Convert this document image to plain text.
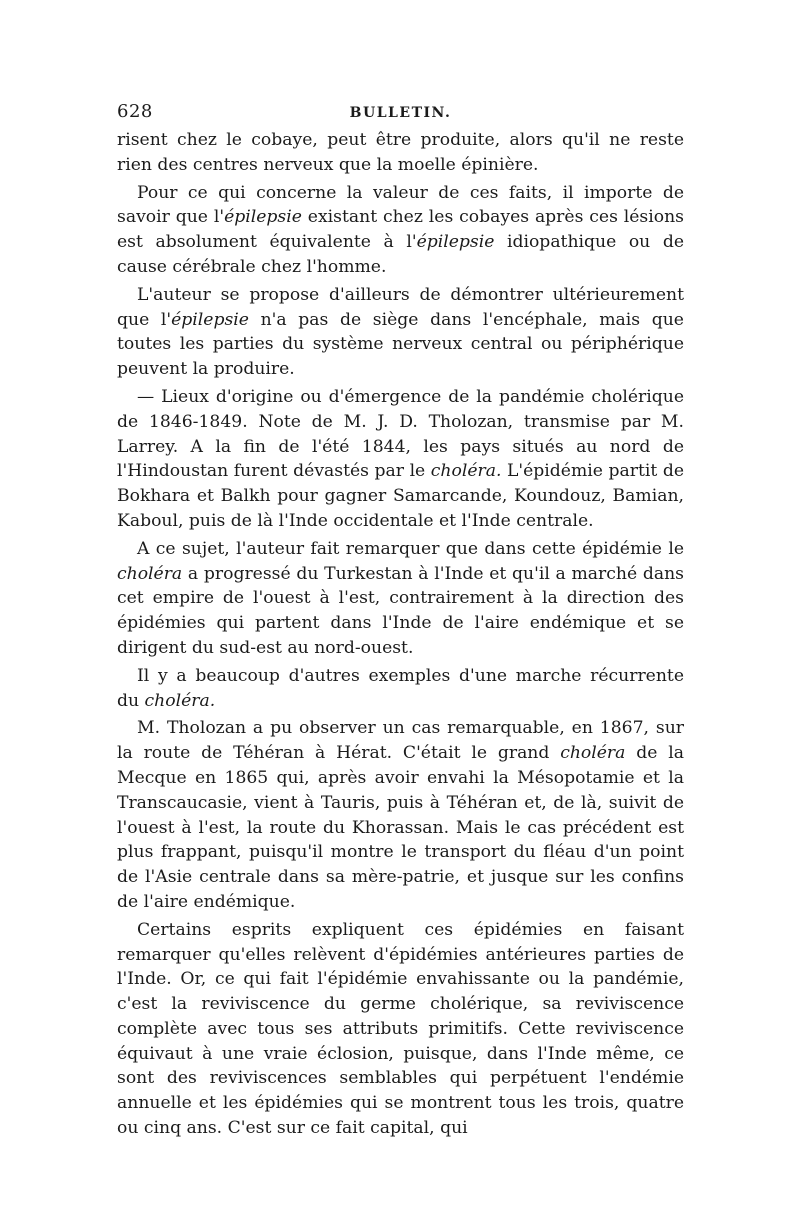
628	BULLETIN.

risent chez le cobaye, peut être produite, alors qu'il ne reste rien des centres nerveux que la moelle épinière.

Pour ce qui concerne la valeur de ces faits, il importe de savoir que l'épilepsie existant chez les cobayes après ces lésions est absolument équivalente à l'épilepsie idiopathique ou de cause cérébrale chez l'homme.

L'auteur se propose d'ailleurs de démontrer ultérieurement que l'épilepsie n'a pas de siège dans l'encéphale, mais que toutes les parties du système nerveux central ou périphérique peuvent la produire.

— Lieux d'origine ou d'émergence de la pandémie cholérique de 1846-1849. Note de M. J. D. Tholozan, transmise par M. Larrey. A la fin de l'été 1844, les pays situés au nord de l'Hindoustan furent dévastés par le choléra. L'épidémie partit de Bokhara et Balkh pour gagner Samarcande, Koundouz, Bamian, Kaboul, puis de là l'Inde occidentale et l'Inde centrale.

A ce sujet, l'auteur fait remarquer que dans cette épidémie le choléra a progressé du Turkestan à l'Inde et qu'il a marché dans cet empire de l'ouest à l'est, contrairement à la direction des épidémies qui partent dans l'Inde de l'aire endémique et se dirigent du sud-est au nord-ouest.

Il y a beaucoup d'autres exemples d'une marche récurrente du choléra.

M. Tholozan a pu observer un cas remarquable, en 1867, sur la route de Téhéran à Hérat. C'était le grand choléra de la Mecque en 1865 qui, après avoir envahi la Mésopotamie et la Transcaucasie, vient à Tauris, puis à Téhéran et, de là, suivit de l'ouest à l'est, la route du Khorassan. Mais le cas précédent est plus frappant, puisqu'il montre le transport du fléau d'un point de l'Asie centrale dans sa mère-patrie, et jusque sur les confins de l'aire endémique.

Certains esprits expliquent ces épidémies en faisant remarquer qu'elles relèvent d'épidémies antérieures parties de l'Inde. Or, ce qui fait l'épidémie envahissante ou la pandémie, c'est la reviviscence du germe cholérique, sa reviviscence complète avec tous ses attributs primitifs. Cette reviviscence équivaut à une vraie éclosion, puisque, dans l'Inde même, ce sont des reviviscences semblables qui perpétuent l'endémie annuelle et les épidémies qui se montrent tous les trois, quatre ou cinq ans. C'est sur ce fait capital, qui
